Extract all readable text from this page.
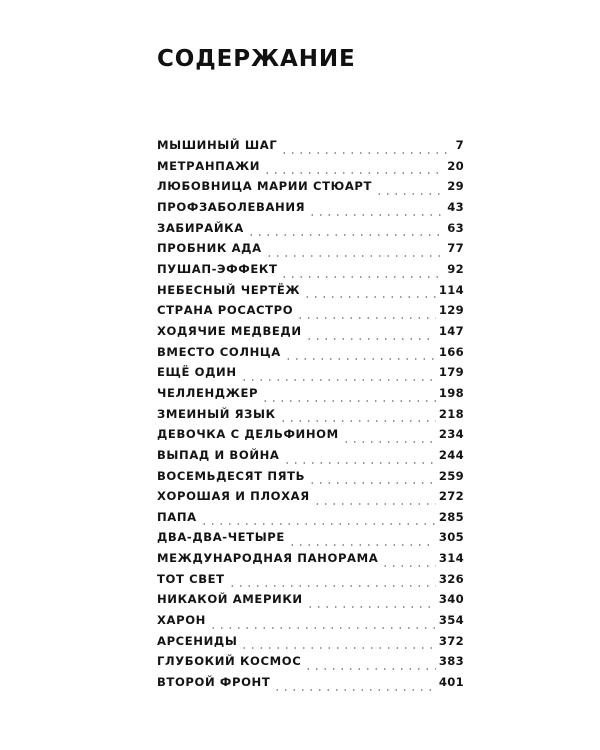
СОДЕРЖАНИЕ
МЫШИНЫЙ ШАГ	7
МЕТРАНПАЖИ	20
ЛЮБОВНИЦА МАРИИ СТЮАРТ	29
ПРОФЗАБОЛЕВАНИЯ	43
ЗАБИРАЙКА	63
ПРОБНИК АДА	77
ПУШАП-ЭФФЕКТ	92
НЕБЕСНЫЙ ЧЕРТЁЖ	114
СТРАНА РОСАСТРО	129
ХОДЯЧИЕ МЕДВЕДИ	147
ВМЕСТО СОЛНЦА	166
ЕЩЁ ОДИН	179
ЧЕЛЛЕНДЖЕР	198
ЗМЕИНЫЙ ЯЗЫК	218
ДЕВОЧКА С ДЕЛЬФИНОМ	234
ВЫПАД И ВОЙНА	244
ВОСЕМЬДЕСЯТ ПЯТЬ	259
ХОРОШАЯ И ПЛОХАЯ	272
ПАПА	285
ДВА-ДВА-ЧЕТЫРЕ	305
МЕЖДУНАРОДНАЯ ПАНОРАМА	314
ТОТ СВЕТ	326
НИКАКОЙ АМЕРИКИ	340
ХАРОН	354
АРСЕНИДЫ	372
ГЛУБОКИЙ КОСМОС	383
ВТОРОЙ ФРОНТ	401
